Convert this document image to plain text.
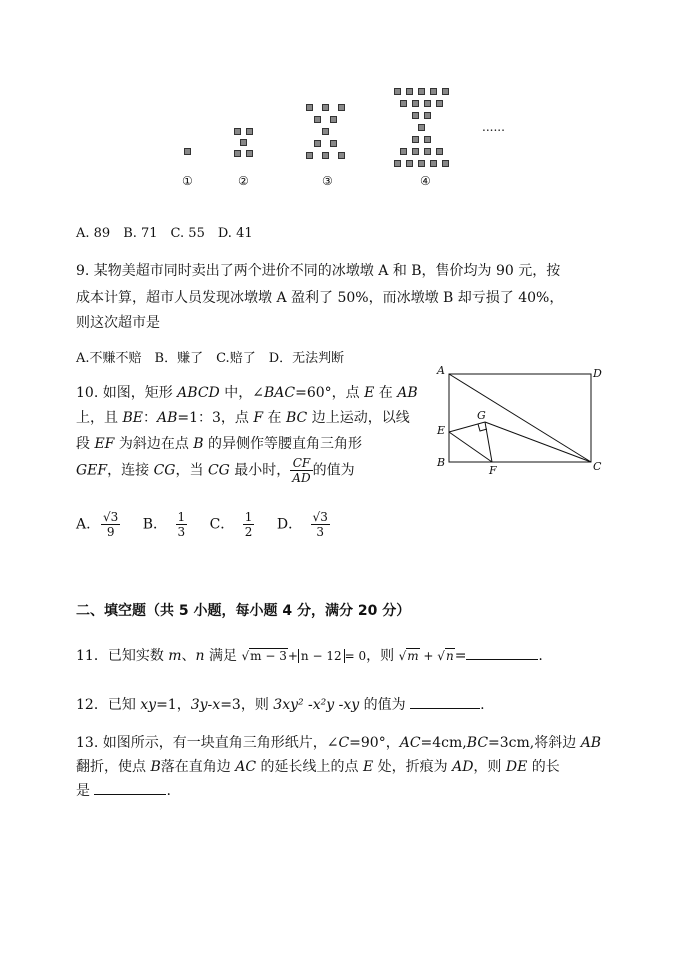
①	②	③	④
......
A. 89　B. 71　C. 55　D. 41
9. 某物美超市同时卖出了两个进价不同的冰墩墩 A 和 B，售价均为 90 元，按
成本计算，超市人员发现冰墩墩 A 盈利了 50%，而冰墩墩 B 却亏损了 40%，
则这次超市是
A.不赚不赔　B．赚了　C.赔了　D．无法判断
10. 如图，矩形 ABCD 中，∠BAC=60°，点 E 在 AB
上，且 BE：AB=1：3，点 F 在 BC 边上运动，以线
段 EF 为斜边在点 B 的异侧作等腰直角三角形
GEF，连接 CG，当 CG 最小时， $\frac{CF}{AD}$ 的值为
A	D
G
E
B
F	C
A. $\frac{√3}{9}$ B． $\frac{1}{3}$ C． $\frac{1}{2}$ D． $\frac{√3}{3}$
二、填空题（共 5 小题，每小题 4 分，满分 20 分）
11．已知实数 m、n 满足 √m − 3+ n − 12 = 0，则 √m + √n=	.
12．已知 xy=1，3y-x=3，则 3xy² -x²y -xy 的值为	.
13. 如图所示，有一块直角三角形纸片，∠C=90°，AC=4cm,BC=3cm,将斜边 AB
翻折，使点 B落在直角边 AC 的延长线上的点 E 处，折痕为 AD，则 DE 的长
是	.
